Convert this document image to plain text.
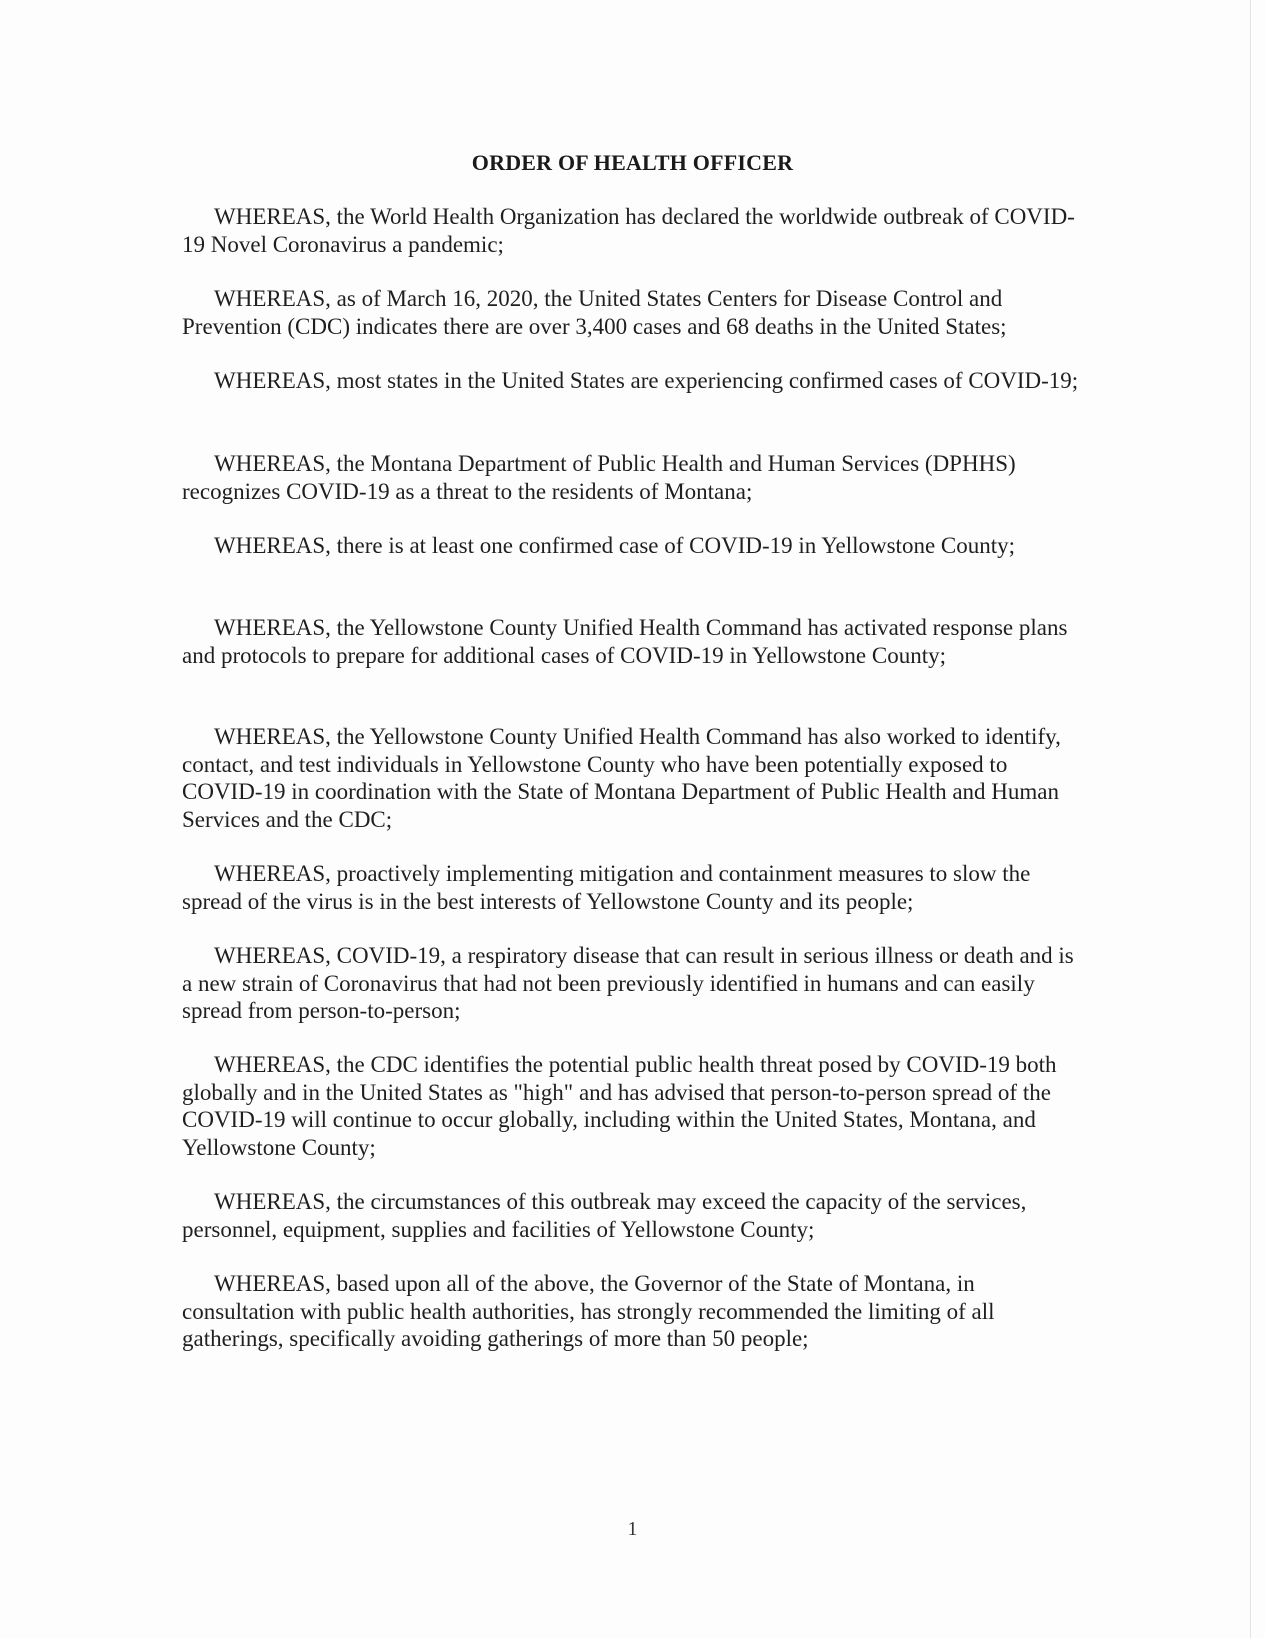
ORDER OF HEALTH OFFICER

WHEREAS, the World Health Organization has declared the worldwide outbreak of COVID-19 Novel Coronavirus a pandemic;

WHEREAS, as of March 16, 2020, the United States Centers for Disease Control and Prevention (CDC) indicates there are over 3,400 cases and 68 deaths in the United States;

WHEREAS, most states in the United States are experiencing confirmed cases of COVID-19;

WHEREAS, the Montana Department of Public Health and Human Services (DPHHS) recognizes COVID-19 as a threat to the residents of Montana;

WHEREAS, there is at least one confirmed case of COVID-19 in Yellowstone County;

WHEREAS, the Yellowstone County Unified Health Command has activated response plans and protocols to prepare for additional cases of COVID-19 in Yellowstone County;

WHEREAS, the Yellowstone County Unified Health Command has also worked to identify, contact, and test individuals in Yellowstone County who have been potentially exposed to COVID-19 in coordination with the State of Montana Department of Public Health and Human Services and the CDC;

WHEREAS, proactively implementing mitigation and containment measures to slow the spread of the virus is in the best interests of Yellowstone County and its people;

WHEREAS, COVID-19, a respiratory disease that can result in serious illness or death and is a new strain of Coronavirus that had not been previously identified in humans and can easily spread from person-to-person;

WHEREAS, the CDC identifies the potential public health threat posed by COVID-19 both globally and in the United States as "high" and has advised that person-to-person spread of the COVID-19 will continue to occur globally, including within the United States, Montana, and Yellowstone County;

WHEREAS, the circumstances of this outbreak may exceed the capacity of the services, personnel, equipment, supplies and facilities of Yellowstone County;

WHEREAS, based upon all of the above, the Governor of the State of Montana, in consultation with public health authorities, has strongly recommended the limiting of all gatherings, specifically avoiding gatherings of more than 50 people;

1
